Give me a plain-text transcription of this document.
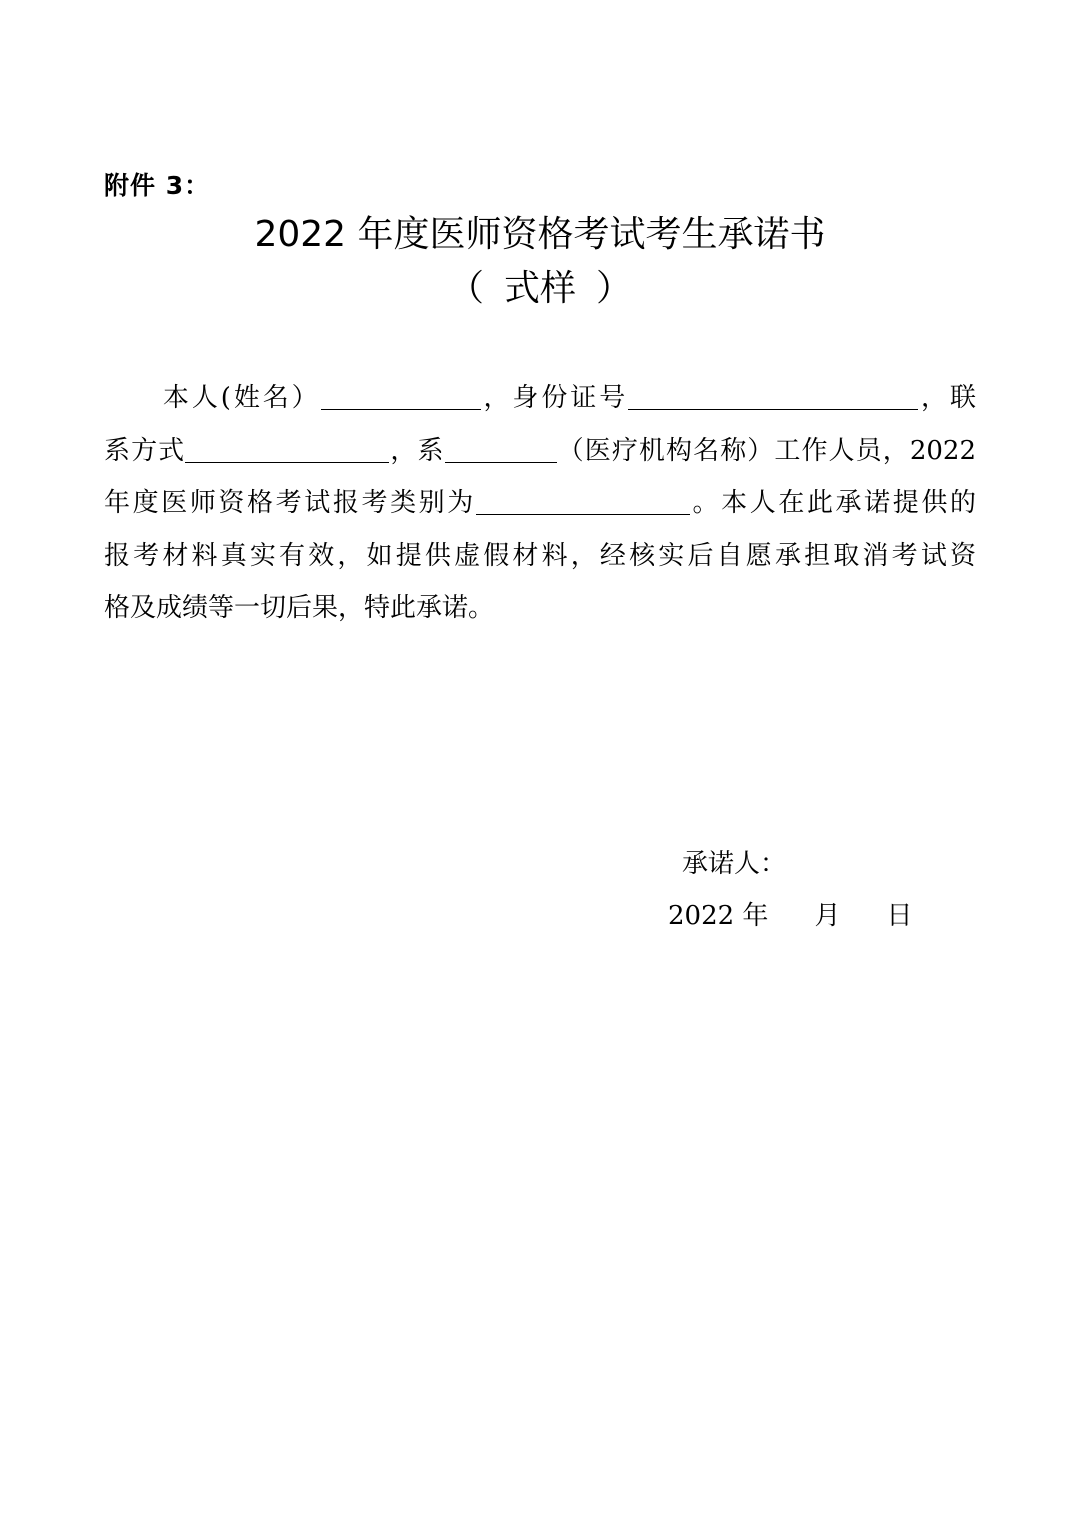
附件 3：
2022 年度医师资格考试考生承诺书
（ 式样 ）
本人(姓名）	，身份证号	，联
系方式	，系	（医疗机构名称）工作人员，2022
年度医师资格考试报考类别为	。本人在此承诺提供的
报考材料真实有效，如提供虚假材料，经核实后自愿承担取消考试资
格及成绩等一切后果，特此承诺。
承诺人：
2022 年 月 日
